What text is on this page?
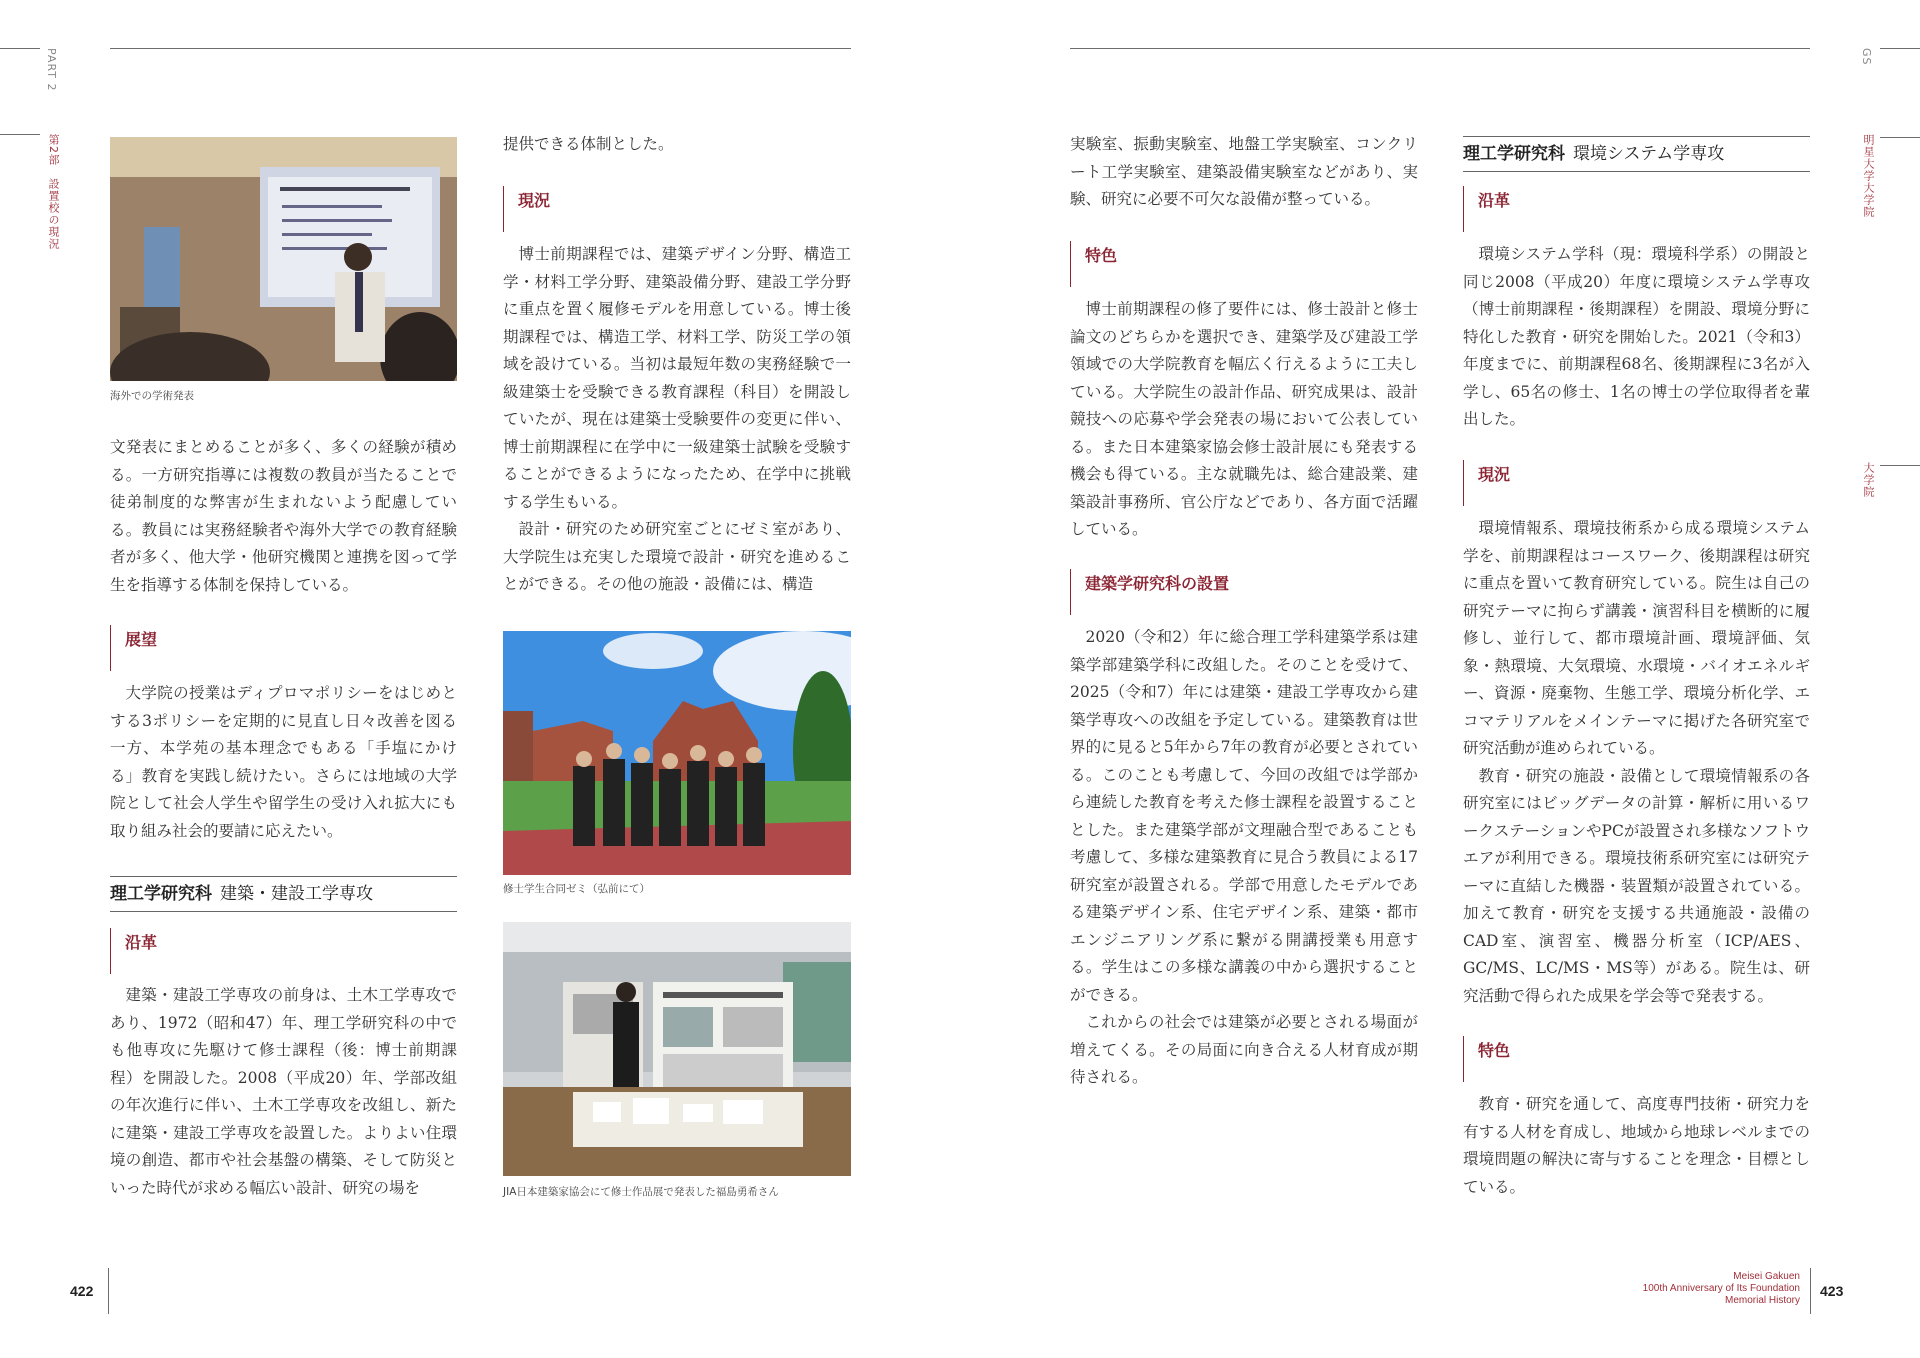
PART 2
第2部　設置校の現況
海外での学術発表

文発表にまとめることが多く、多くの経験が積める。一方研究指導には複数の教員が当たることで徒弟制度的な弊害が生まれないよう配慮している。教員には実務経験者や海外大学での教育経験者が多く、他大学・他研究機関と連携を図って学生を指導する体制を保持している。

展望

大学院の授業はディプロマポリシーをはじめとする3ポリシーを定期的に見直し日々改善を図る一方、本学苑の基本理念でもある「手塩にかける」教育を実践し続けたい。さらには地域の大学院として社会人学生や留学生の受け入れ拡大にも取り組み社会的要請に応えたい。

理工学研究科 建築・建設工学専攻
沿革

建築・建設工学専攻の前身は、土木工学専攻であり、1972（昭和47）年、理工学研究科の中でも他専攻に先駆けて修士課程（後：博士前期課程）を開設した。2008（平成20）年、学部改組の年次進行に伴い、土木工学専攻を改組し、新たに建築・建設工学専攻を設置した。よりよい住環境の創造、都市や社会基盤の構築、そして防災といった時代が求める幅広い設計、研究の場を

提供できる体制とした。

現況

博士前期課程では、建築デザイン分野、構造工学・材料工学分野、建築設備分野、建設工学分野に重点を置く履修モデルを用意している。博士後期課程では、構造工学、材料工学、防災工学の領域を設けている。当初は最短年数の実務経験で一級建築士を受験できる教育課程（科目）を開設していたが、現在は建築士受験要件の変更に伴い、博士前期課程に在学中に一級建築士試験を受験することができるようになったため、在学中に挑戦する学生もいる。

設計・研究のため研究室ごとにゼミ室があり、大学院生は充実した環境で設計・研究を進めることができる。その他の施設・設備には、構造

修士学生合同ゼミ（弘前にて）
JIA日本建築家協会にて修士作品展で発表した福島勇希さん
422
GS
明星大学大学院
大学院

実験室、振動実験室、地盤工学実験室、コンクリート工学実験室、建築設備実験室などがあり、実験、研究に必要不可欠な設備が整っている。

特色

博士前期課程の修了要件には、修士設計と修士論文のどちらかを選択でき、建築学及び建設工学領域での大学院教育を幅広く行えるように工夫している。大学院生の設計作品、研究成果は、設計競技への応募や学会発表の場において公表している。また日本建築家協会修士設計展にも発表する機会も得ている。主な就職先は、総合建設業、建築設計事務所、官公庁などであり、各方面で活躍している。

建築学研究科の設置

2020（令和2）年に総合理工学科建築学系は建築学部建築学科に改組した。そのことを受けて、2025（令和7）年には建築・建設工学専攻から建築学専攻への改組を予定している。建築教育は世界的に見ると5年から7年の教育が必要とされている。このことも考慮して、今回の改組では学部から連続した教育を考えた修士課程を設置することとした。また建築学部が文理融合型であることも考慮して、多様な建築教育に見合う教員による17研究室が設置される。学部で用意したモデルである建築デザイン系、住宅デザイン系、建築・都市エンジニアリング系に繋がる開講授業も用意する。学生はこの多様な講義の中から選択することができる。

これからの社会では建築が必要とされる場面が増えてくる。その局面に向き合える人材育成が期待される。

理工学研究科 環境システム学専攻
沿革

環境システム学科（現：環境科学系）の開設と同じ2008（平成20）年度に環境システム学専攻（博士前期課程・後期課程）を開設、環境分野に特化した教育・研究を開始した。2021（令和3）年度までに、前期課程68名、後期課程に3名が入学し、65名の修士、1名の博士の学位取得者を輩出した。

現況

環境情報系、環境技術系から成る環境システム学を、前期課程はコースワーク、後期課程は研究に重点を置いて教育研究している。院生は自己の研究テーマに拘らず講義・演習科目を横断的に履修し、並行して、都市環境計画、環境評価、気象・熱環境、大気環境、水環境・バイオエネルギー、資源・廃棄物、生態工学、環境分析化学、エコマテリアルをメインテーマに掲げた各研究室で研究活動が進められている。

教育・研究の施設・設備として環境情報系の各研究室にはビッグデータの計算・解析に用いるワークステーションやPCが設置され多様なソフトウエアが利用できる。環境技術系研究室には研究テーマに直結した機器・装置類が設置されている。加えて教育・研究を支援する共通施設・設備のCAD室、演習室、機器分析室（ICP/AES、GC/MS、LC/MS・MS等）がある。院生は、研究活動で得られた成果を学会等で発表する。

特色

教育・研究を通して、高度専門技術・研究力を有する人材を育成し、地域から地球レベルまでの環境問題の解決に寄与することを理念・目標としている。

Meisei Gakuen
100th Anniversary of Its Foundation
Memorial History
423
